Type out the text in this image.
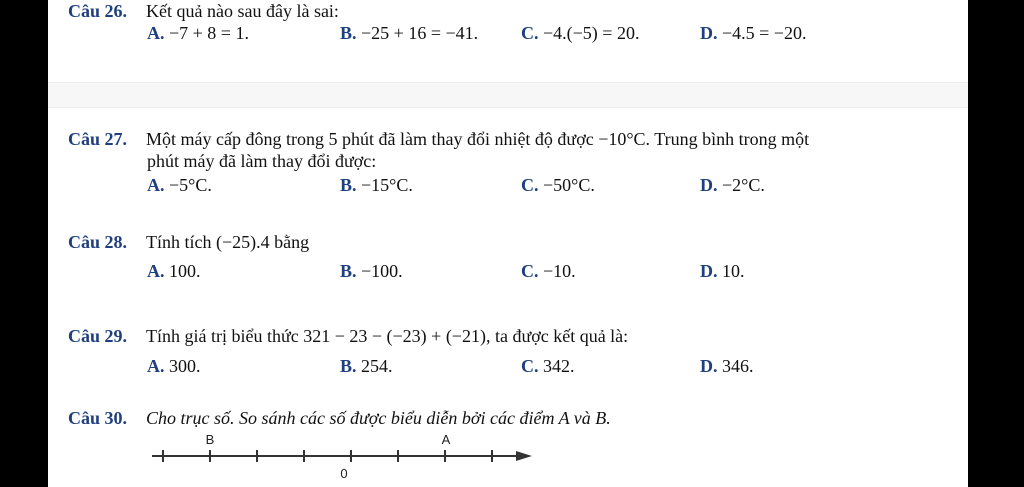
Câu 26. Kết quả nào sau đây là sai:
A. −7 + 8 = 1.	B. −25 + 16 = −41. C. −4.(−5) = 20.	D. −4.5 = −20.
Câu 27. Một máy cấp đông trong 5 phút đã làm thay đổi nhiệt độ được −10°C. Trung bình trong một
phút máy đã làm thay đổi được:
A. −5°C.	B. −15°C.	C. −50°C.	D. −2°C.
Câu 28. Tính tích (−25).4 bằng
A. 100.	B. −100.	C. −10.	D. 10.
Câu 29. Tính giá trị biểu thức 321 − 23 − (−23) + (−21), ta được kết quả là:
A. 300.	B. 254.	C. 342.	D. 346.
Câu 30. Cho trục số. So sánh các số được biểu diễn bởi các điểm A và B.
B	A
0
